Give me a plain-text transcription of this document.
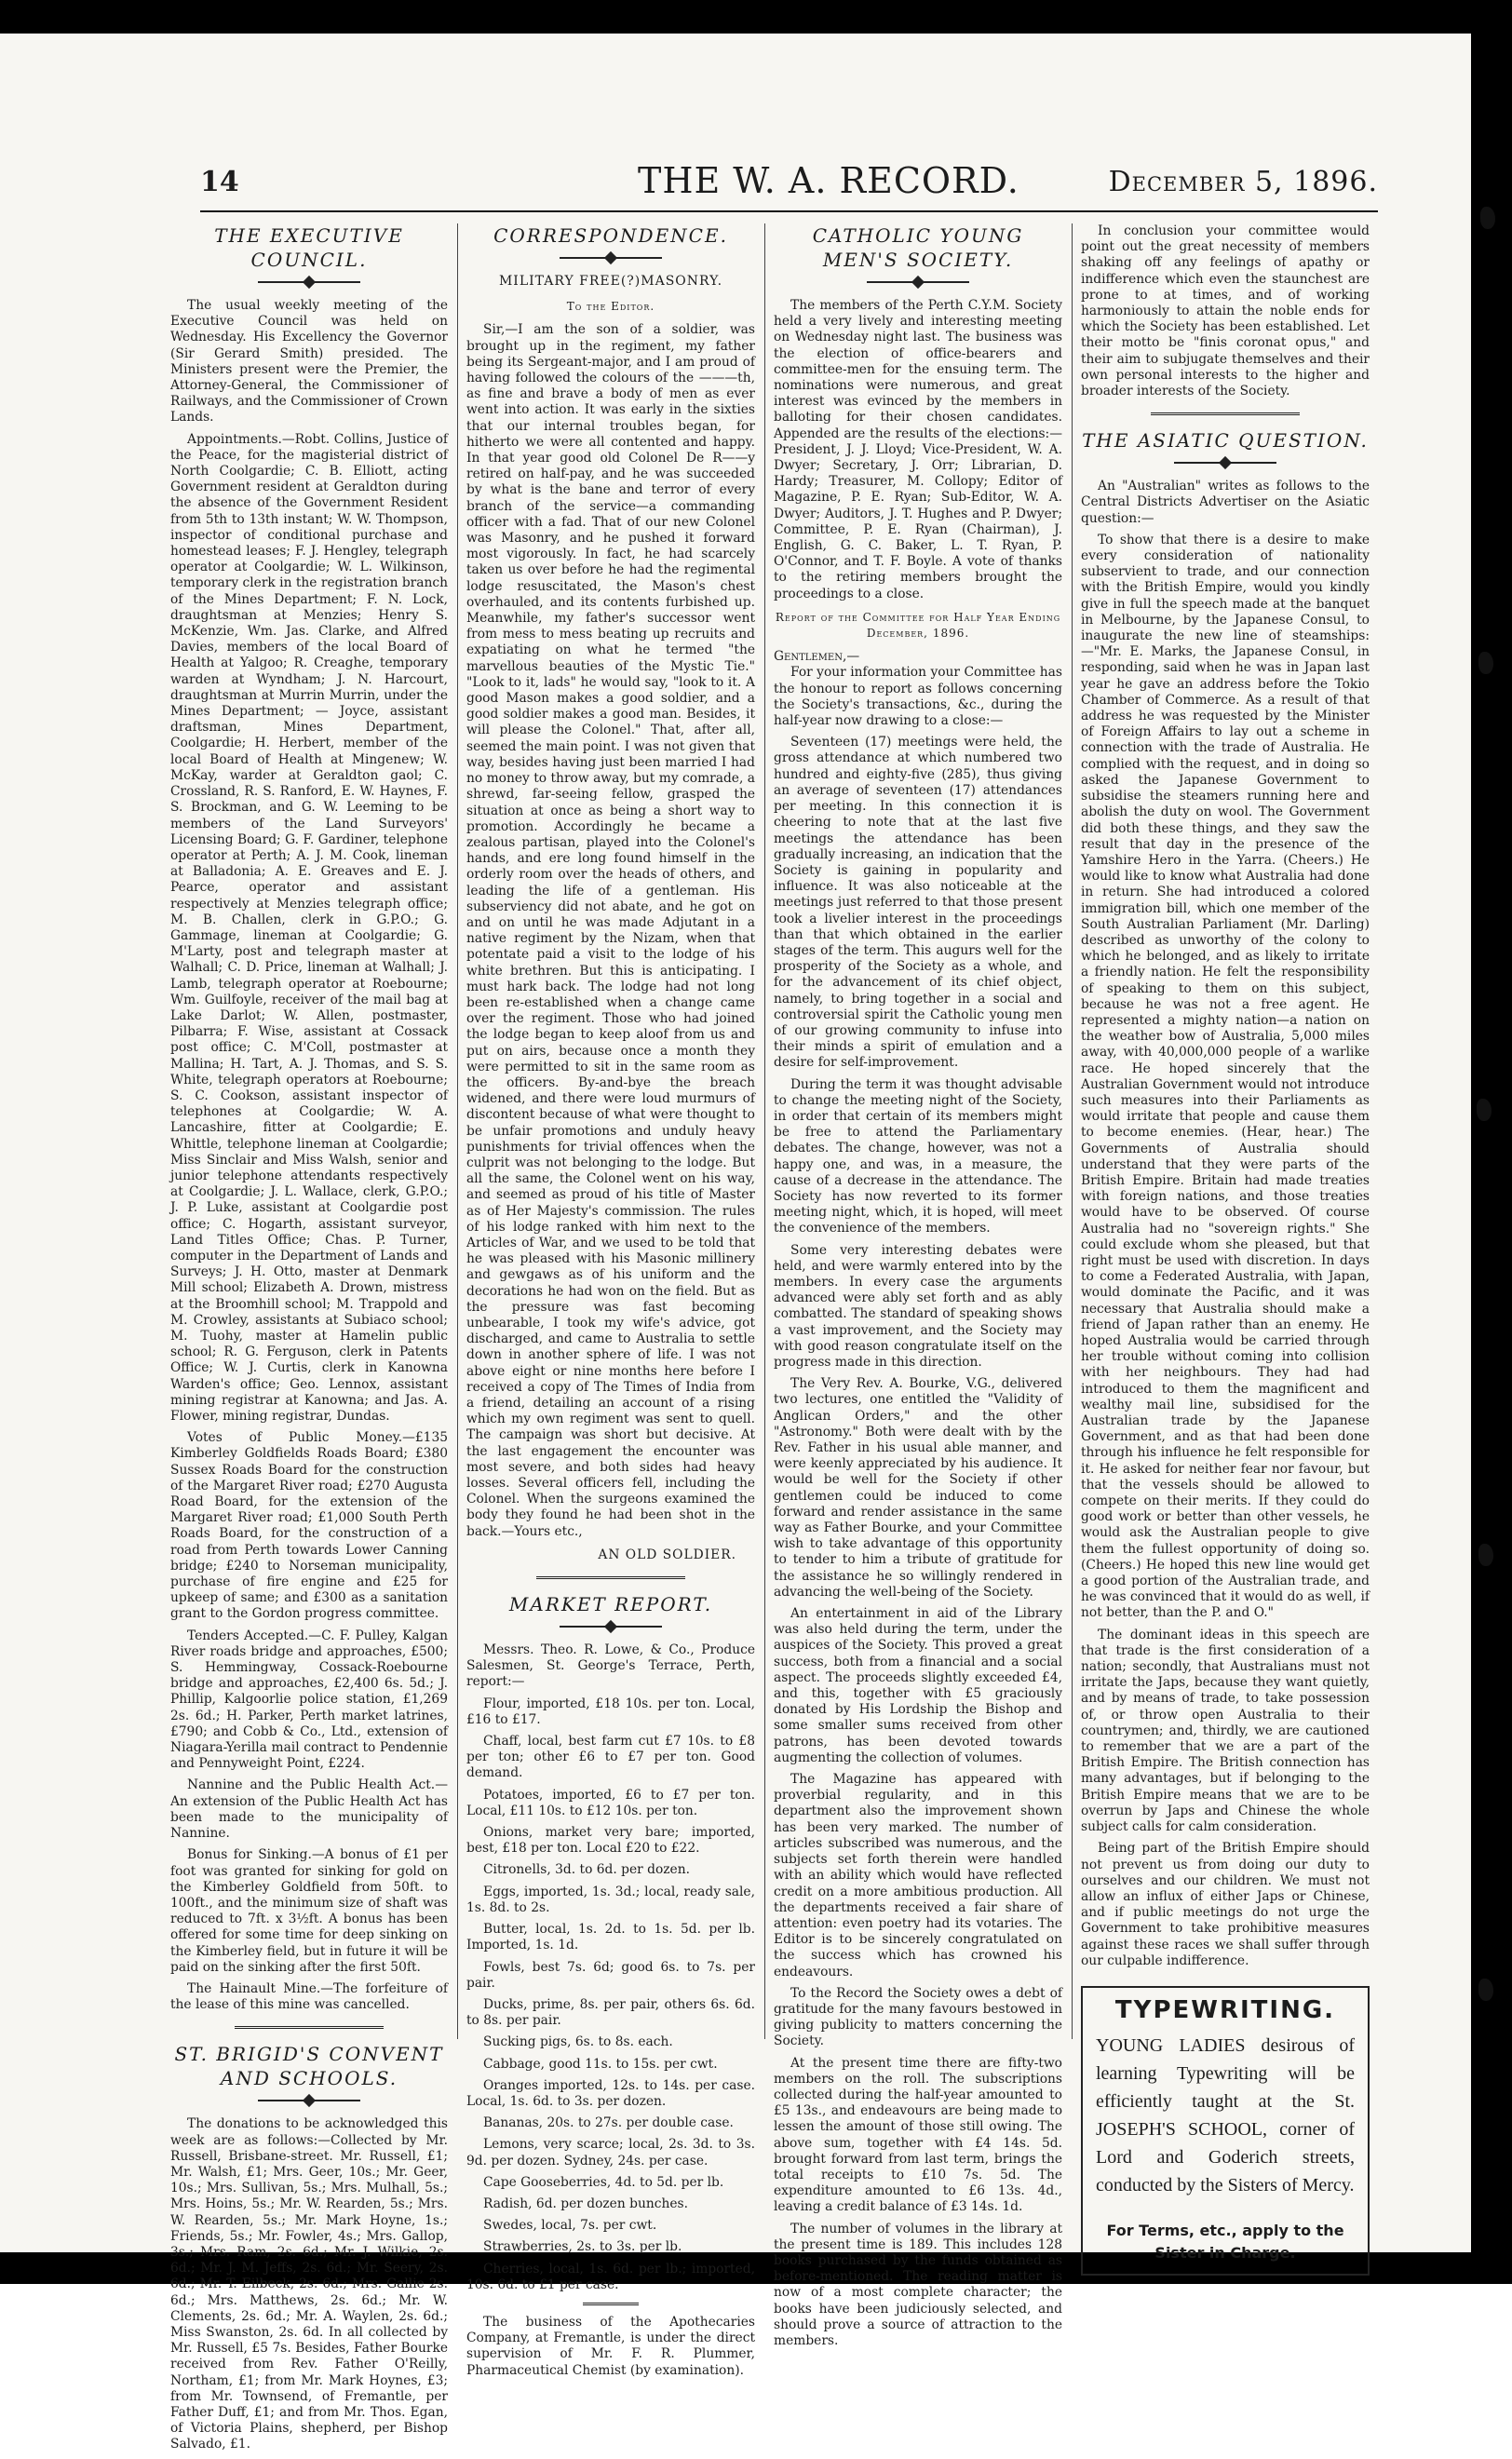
14	THE W. A. RECORD.	December 5, 1896.
THE EXECUTIVE COUNCIL.

The usual weekly meeting of the Executive Council was held on Wednesday. His Excellency the Governor (Sir Gerard Smith) presided. The Ministers present were the Premier, the Attorney-General, the Commissioner of Railways, and the Commissioner of Crown Lands.

Appointments.—Robt. Collins, Justice of the Peace, for the magisterial district of North Coolgardie; C. B. Elliott, acting Government resident at Geraldton during the absence of the Government Resident from 5th to 13th instant; W. W. Thompson, inspector of conditional purchase and homestead leases; F. J. Hengley, telegraph operator at Coolgardie; W. L. Wilkinson, temporary clerk in the registration branch of the Mines Department; F. N. Lock, draughtsman at Menzies; Henry S. McKenzie, Wm. Jas. Clarke, and Alfred Davies, members of the local Board of Health at Yalgoo; R. Creaghe, temporary warden at Wyndham; J. N. Harcourt, draughtsman at Murrin Murrin, under the Mines Department; — Joyce, assistant draftsman, Mines Department, Coolgardie; H. Herbert, member of the local Board of Health at Mingenew; W. McKay, warder at Geraldton gaol; C. Crossland, R. S. Ranford, E. W. Haynes, F. S. Brockman, and G. W. Leeming to be members of the Land Surveyors' Licensing Board; G. F. Gardiner, telephone operator at Perth; A. J. M. Cook, lineman at Balladonia; A. E. Greaves and E. J. Pearce, operator and assistant respectively at Menzies telegraph office; M. B. Challen, clerk in G.P.O.; G. Gammage, lineman at Coolgardie; G. M'Larty, post and telegraph master at Walhall; C. D. Price, lineman at Walhall; J. Lamb, telegraph operator at Roebourne; Wm. Guilfoyle, receiver of the mail bag at Lake Darlot; W. Allen, postmaster, Pilbarra; F. Wise, assistant at Cossack post office; C. M'Coll, postmaster at Mallina; H. Tart, A. J. Thomas, and S. S. White, telegraph operators at Roebourne; S. C. Cookson, assistant inspector of telephones at Coolgardie; W. A. Lancashire, fitter at Coolgardie; E. Whittle, telephone lineman at Coolgardie; Miss Sinclair and Miss Walsh, senior and junior telephone attendants respectively at Coolgardie; J. L. Wallace, clerk, G.P.O.; J. P. Luke, assistant at Coolgardie post office; C. Hogarth, assistant surveyor, Land Titles Office; Chas. P. Turner, computer in the Department of Lands and Surveys; J. H. Otto, master at Denmark Mill school; Elizabeth A. Drown, mistress at the Broomhill school; M. Trappold and M. Crowley, assistants at Subiaco school; M. Tuohy, master at Hamelin public school; R. G. Ferguson, clerk in Patents Office; W. J. Curtis, clerk in Kanowna Warden's office; Geo. Lennox, assistant mining registrar at Kanowna; and Jas. A. Flower, mining registrar, Dundas.

Votes of Public Money.—£135 Kimberley Goldfields Roads Board; £380 Sussex Roads Board for the construction of the Margaret River road; £270 Augusta Road Board, for the extension of the Margaret River road; £1,000 South Perth Roads Board, for the construction of a road from Perth towards Lower Canning bridge; £240 to Norseman municipality, purchase of fire engine and £25 for upkeep of same; and £300 as a sanitation grant to the Gordon progress committee.

Tenders Accepted.—C. F. Pulley, Kalgan River roads bridge and approaches, £500; S. Hemmingway, Cossack-Roebourne bridge and approaches, £2,400 6s. 5d.; J. Phillip, Kalgoorlie police station, £1,269 2s. 6d.; H. Parker, Perth market latrines, £790; and Cobb & Co., Ltd., extension of Niagara-Yerilla mail contract to Pendennie and Pennyweight Point, £224.

Nannine and the Public Health Act.—An extension of the Public Health Act has been made to the municipality of Nannine.

Bonus for Sinking.—A bonus of £1 per foot was granted for sinking for gold on the Kimberley Goldfield from 50ft. to 100ft., and the minimum size of shaft was reduced to 7ft. x 3½ft. A bonus has been offered for some time for deep sinking on the Kimberley field, but in future it will be paid on the sinking after the first 50ft.

The Hainault Mine.—The forfeiture of the lease of this mine was cancelled.

ST. BRIGID'S CONVENT AND SCHOOLS.

The donations to be acknowledged this week are as follows:—Collected by Mr. Russell, Brisbane-street. Mr. Russell, £1; Mr. Walsh, £1; Mrs. Geer, 10s.; Mr. Geer, 10s.; Mrs. Sullivan, 5s.; Mrs. Mulhall, 5s.; Mrs. Hoins, 5s.; Mr. W. Rearden, 5s.; Mrs. W. Rearden, 5s.; Mr. Mark Hoyne, 1s.; Friends, 5s.; Mr. Fowler, 4s.; Mrs. Gallop, 3s.; Mrs. Ram, 2s. 6d.; Mr. J. Wilkie, 2s. 6d.; Mr. J. M. Jeffs, 2s. 6d.; Mr. Seery, 2s. 6d.; Mr. T. Eilbeck, 2s. 6d.; Mrs. Gallie 2s. 6d.; Mrs. Matthews, 2s. 6d.; Mr. W. Clements, 2s. 6d.; Mr. A. Waylen, 2s. 6d.; Miss Swanston, 2s. 6d. In all collected by Mr. Russell, £5 7s. Besides, Father Bourke received from Rev. Father O'Reilly, Northam, £1; from Mr. Mark Hoynes, £3; from Mr. Townsend, of Fremantle, per Father Duff, £1; and from Mr. Thos. Egan, of Victoria Plains, shepherd, per Bishop Salvado, £1.

CORRESPONDENCE.
MILITARY FREE(?)MASONRY.
To the Editor.

Sir,—I am the son of a soldier, was brought up in the regiment, my father being its Sergeant-major, and I am proud of having followed the colours of the ———th, as fine and brave a body of men as ever went into action. It was early in the sixties that our internal troubles began, for hitherto we were all contented and happy. In that year good old Colonel De R——y retired on half-pay, and he was succeeded by what is the bane and terror of every branch of the service—a commanding officer with a fad. That of our new Colonel was Masonry, and he pushed it forward most vigorously. In fact, he had scarcely taken us over before he had the regimental lodge resuscitated, the Mason's chest overhauled, and its contents furbished up. Meanwhile, my father's successor went from mess to mess beating up recruits and expatiating on what he termed "the marvellous beauties of the Mystic Tie." "Look to it, lads" he would say, "look to it. A good Mason makes a good soldier, and a good soldier makes a good man. Besides, it will please the Colonel." That, after all, seemed the main point. I was not given that way, besides having just been married I had no money to throw away, but my comrade, a shrewd, far-seeing fellow, grasped the situation at once as being a short way to promotion. Accordingly he became a zealous partisan, played into the Colonel's hands, and ere long found himself in the orderly room over the heads of others, and leading the life of a gentleman. His subserviency did not abate, and he got on and on until he was made Adjutant in a native regiment by the Nizam, when that potentate paid a visit to the lodge of his white brethren. But this is anticipating. I must hark back. The lodge had not long been re-established when a change came over the regiment. Those who had joined the lodge began to keep aloof from us and put on airs, because once a month they were permitted to sit in the same room as the officers. By-and-bye the breach widened, and there were loud murmurs of discontent because of what were thought to be unfair promotions and unduly heavy punishments for trivial offences when the culprit was not belonging to the lodge. But all the same, the Colonel went on his way, and seemed as proud of his title of Master as of Her Majesty's commission. The rules of his lodge ranked with him next to the Articles of War, and we used to be told that he was pleased with his Masonic millinery and gewgaws as of his uniform and the decorations he had won on the field. But as the pressure was fast becoming unbearable, I took my wife's advice, got discharged, and came to Australia to settle down in another sphere of life. I was not above eight or nine months here before I received a copy of The Times of India from a friend, detailing an account of a rising which my own regiment was sent to quell. The campaign was short but decisive. At the last engagement the encounter was most severe, and both sides had heavy losses. Several officers fell, including the Colonel. When the surgeons examined the body they found he had been shot in the back.—Yours etc.,

AN OLD SOLDIER.
MARKET REPORT.

Messrs. Theo. R. Lowe, & Co., Produce Salesmen, St. George's Terrace, Perth, report:—

Flour, imported, £18 10s. per ton. Local, £16 to £17.

Chaff, local, best farm cut £7 10s. to £8 per ton; other £6 to £7 per ton. Good demand.

Potatoes, imported, £6 to £7 per ton. Local, £11 10s. to £12 10s. per ton.

Onions, market very bare; imported, best, £18 per ton. Local £20 to £22.

Citronells, 3d. to 6d. per dozen.

Eggs, imported, 1s. 3d.; local, ready sale, 1s. 8d. to 2s.

Butter, local, 1s. 2d. to 1s. 5d. per lb. Imported, 1s. 1d.

Fowls, best 7s. 6d; good 6s. to 7s. per pair.

Ducks, prime, 8s. per pair, others 6s. 6d. to 8s. per pair.

Sucking pigs, 6s. to 8s. each.

Cabbage, good 11s. to 15s. per cwt.

Oranges imported, 12s. to 14s. per case. Local, 1s. 6d. to 3s. per dozen.

Bananas, 20s. to 27s. per double case.

Lemons, very scarce; local, 2s. 3d. to 3s. 9d. per dozen. Sydney, 24s. per case.

Cape Gooseberries, 4d. to 5d. per lb.

Radish, 6d. per dozen bunches.

Swedes, local, 7s. per cwt.

Strawberries, 2s. to 3s. per lb.

Cherries, local, 1s. 6d. per lb.; imported, 10s. 6d. to £1 per case.

The business of the Apothecaries Company, at Fremantle, is under the direct supervision of Mr. F. R. Plummer, Pharmaceutical Chemist (by examination).

CATHOLIC YOUNG MEN'S SOCIETY.

The members of the Perth C.Y.M. Society held a very lively and interesting meeting on Wednesday night last. The business was the election of office-bearers and committee-men for the ensuing term. The nominations were numerous, and great interest was evinced by the members in balloting for their chosen candidates. Appended are the results of the elections:—President, J. J. Lloyd; Vice-President, W. A. Dwyer; Secretary, J. Orr; Librarian, D. Hardy; Treasurer, M. Collopy; Editor of Magazine, P. E. Ryan; Sub-Editor, W. A. Dwyer; Auditors, J. T. Hughes and P. Dwyer; Committee, P. E. Ryan (Chairman), J. English, G. C. Baker, L. T. Ryan, P. O'Connor, and T. F. Boyle. A vote of thanks to the retiring members brought the proceedings to a close.

Report of the Committee for Half Year Ending December, 1896.

Gentlemen,—

For your information your Committee has the honour to report as follows concerning the Society's transactions, &c., during the half-year now drawing to a close:—

Seventeen (17) meetings were held, the gross attendance at which numbered two hundred and eighty-five (285), thus giving an average of seventeen (17) attendances per meeting. In this connection it is cheering to note that at the last five meetings the attendance has been gradually increasing, an indication that the Society is gaining in popularity and influence. It was also noticeable at the meetings just referred to that those present took a livelier interest in the proceedings than that which obtained in the earlier stages of the term. This augurs well for the prosperity of the Society as a whole, and for the advancement of its chief object, namely, to bring together in a social and controversial spirit the Catholic young men of our growing community to infuse into their minds a spirit of emulation and a desire for self-improvement.

During the term it was thought advisable to change the meeting night of the Society, in order that certain of its members might be free to attend the Parliamentary debates. The change, however, was not a happy one, and was, in a measure, the cause of a decrease in the attendance. The Society has now reverted to its former meeting night, which, it is hoped, will meet the convenience of the members.

Some very interesting debates were held, and were warmly entered into by the members. In every case the arguments advanced were ably set forth and as ably combatted. The standard of speaking shows a vast improvement, and the Society may with good reason congratulate itself on the progress made in this direction.

The Very Rev. A. Bourke, V.G., delivered two lectures, one entitled the "Validity of Anglican Orders," and the other "Astronomy." Both were dealt with by the Rev. Father in his usual able manner, and were keenly appreciated by his audience. It would be well for the Society if other gentlemen could be induced to come forward and render assistance in the same way as Father Bourke, and your Committee wish to take advantage of this opportunity to tender to him a tribute of gratitude for the assistance he so willingly rendered in advancing the well-being of the Society.

An entertainment in aid of the Library was also held during the term, under the auspices of the Society. This proved a great success, both from a financial and a social aspect. The proceeds slightly exceeded £4, and this, together with £5 graciously donated by His Lordship the Bishop and some smaller sums received from other patrons, has been devoted towards augmenting the collection of volumes.

The Magazine has appeared with proverbial regularity, and in this department also the improvement shown has been very marked. The number of articles subscribed was numerous, and the subjects set forth therein were handled with an ability which would have reflected credit on a more ambitious production. All the departments received a fair share of attention: even poetry had its votaries. The Editor is to be sincerely congratulated on the success which has crowned his endeavours.

To the Record the Society owes a debt of gratitude for the many favours bestowed in giving publicity to matters concerning the Society.

At the present time there are fifty-two members on the roll. The subscriptions collected during the half-year amounted to £5 13s., and endeavours are being made to lessen the amount of those still owing. The above sum, together with £4 14s. 5d. brought forward from last term, brings the total receipts to £10 7s. 5d. The expenditure amounted to £6 13s. 4d., leaving a credit balance of £3 14s. 1d.

The number of volumes in the library at the present time is 189. This includes 128 books purchased by the funds obtained as before-mentioned. The reading matter is now of a most complete character; the books have been judiciously selected, and should prove a source of attraction to the members.

In conclusion your committee would point out the great necessity of members shaking off any feelings of apathy or indifference which even the staunchest are prone to at times, and of working harmoniously to attain the noble ends for which the Society has been established. Let their motto be "finis coronat opus," and their aim to subjugate themselves and their own personal interests to the higher and broader interests of the Society.

THE ASIATIC QUESTION.

An "Australian" writes as follows to the Central Districts Advertiser on the Asiatic question:—

To show that there is a desire to make every consideration of nationality subservient to trade, and our connection with the British Empire, would you kindly give in full the speech made at the banquet in Melbourne, by the Japanese Consul, to inaugurate the new line of steamships:—"Mr. E. Marks, the Japanese Consul, in responding, said when he was in Japan last year he gave an address before the Tokio Chamber of Commerce. As a result of that address he was requested by the Minister of Foreign Affairs to lay out a scheme in connection with the trade of Australia. He complied with the request, and in doing so asked the Japanese Government to subsidise the steamers running here and abolish the duty on wool. The Government did both these things, and they saw the result that day in the presence of the Yamshire Hero in the Yarra. (Cheers.) He would like to know what Australia had done in return. She had introduced a colored immigration bill, which one member of the South Australian Parliament (Mr. Darling) described as unworthy of the colony to which he belonged, and as likely to irritate a friendly nation. He felt the responsibility of speaking to them on this subject, because he was not a free agent. He represented a mighty nation—a nation on the weather bow of Australia, 5,000 miles away, with 40,000,000 people of a warlike race. He hoped sincerely that the Australian Government would not introduce such measures into their Parliaments as would irritate that people and cause them to become enemies. (Hear, hear.) The Governments of Australia should understand that they were parts of the British Empire. Britain had made treaties with foreign nations, and those treaties would have to be observed. Of course Australia had no "sovereign rights." She could exclude whom she pleased, but that right must be used with discretion. In days to come a Federated Australia, with Japan, would dominate the Pacific, and it was necessary that Australia should make a friend of Japan rather than an enemy. He hoped Australia would be carried through her trouble without coming into collision with her neighbours. They had had introduced to them the magnificent and wealthy mail line, subsidised for the Australian trade by the Japanese Government, and as that had been done through his influence he felt responsible for it. He asked for neither fear nor favour, but that the vessels should be allowed to compete on their merits. If they could do good work or better than other vessels, he would ask the Australian people to give them the fullest opportunity of doing so. (Cheers.) He hoped this new line would get a good portion of the Australian trade, and he was convinced that it would do as well, if not better, than the P. and O."

The dominant ideas in this speech are that trade is the first consideration of a nation; secondly, that Australians must not irritate the Japs, because they want quietly, and by means of trade, to take possession of, or throw open Australia to their countrymen; and, thirdly, we are cautioned to remember that we are a part of the British Empire. The British connection has many advantages, but if belonging to the British Empire means that we are to be overrun by Japs and Chinese the whole subject calls for calm consideration.

Being part of the British Empire should not prevent us from doing our duty to ourselves and our children. We must not allow an influx of either Japs or Chinese, and if public meetings do not urge the Government to take prohibitive measures against these races we shall suffer through our culpable indifference.

TYPEWRITING.

YOUNG LADIES desirous of learning Typewriting will be efficiently taught at the St. JOSEPH'S SCHOOL, corner of Lord and Goderich streets, conducted by the Sisters of Mercy.

For Terms, etc., apply to the
Sister in Charge.
